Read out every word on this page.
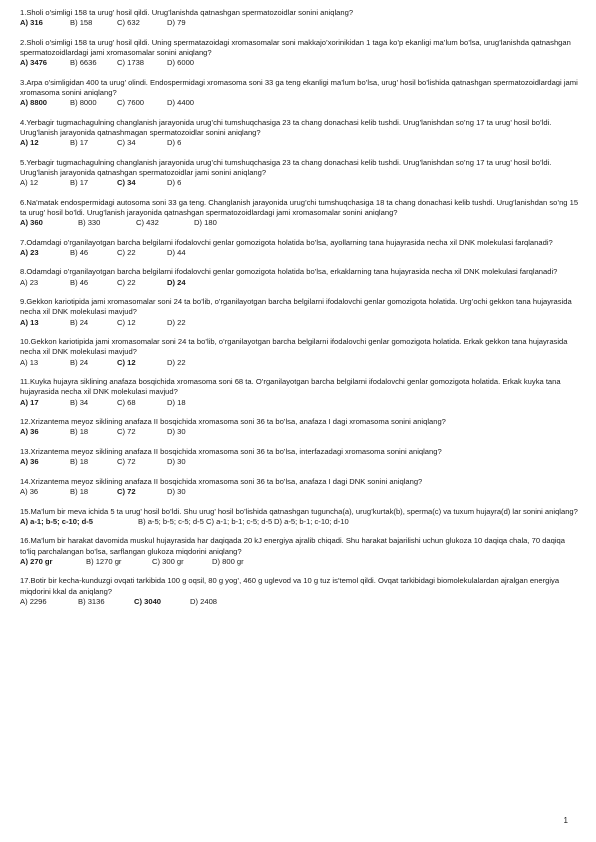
1.Sholi o’simligi 158 ta urug’ hosil qildi. Urug’lanishda qatnashgan spermatozoidlar sonini aniqlang?

A) 316	B) 158	C) 632	D) 79

2.Sholi o’simligi 158 ta urug’ hosil qildi. Uning spermatazoidagi xromasomalar soni makkajo’xorinikidan 1 taga ko’p ekanligi ma’lum bo’lsa, urug’lanishda qatnashgan spermatozoidlardagi jami xromasomalar sonini aniqlang?

A) 3476	B) 6636	C) 1738	D) 6000

3.Arpa o’simligidan 400 ta urug’ olindi. Endospermidagi xromasoma soni 33 ga teng ekanligi ma’lum bo’lsa, urug’ hosil bo’lishida qatnashgan spermatozoidlardagi jami xromasoma sonini aniqlang?

A) 8800	B) 8000	C) 7600	D) 4400

4.Yerbagir tugmachagulning changlanish jarayonida urug’chi tumshuqchasiga 23 ta chang donachasi kelib tushdi. Urug’lanishdan so’ng 17 ta urug’ hosil bo’ldi. Urug’lanish jarayonida qatnashmagan spermatozoidlar sonini aniqlang?

A) 12	B) 17	C) 34	D) 6

5.Yerbagir tugmachagulning changlanish jarayonida urug’chi tumshuqchasiga 23 ta chang donachasi kelib tushdi. Urug’lanishdan so’ng 17 ta urug’ hosil bo’ldi. Urug’lanish jarayonida qatnashgan spermatozoidlar jami sonini aniqlang?

A) 12	B) 17	C) 34	D) 6

6.Na’matak endospermidagi autosoma soni 33 ga teng. Changlanish jarayonida urug’chi tumshuqchasiga 18 ta chang donachasi kelib tushdi. Urug’lanishdan so’ng 15 ta urug’ hosil bo’ldi. Urug’lanish jarayonida qatnashgan spermatozoidlardagi jami xromasomalar sonini aniqlang?

A) 360	B) 330	C) 432	D) 180

7.Odamdagi o’rganilayotgan barcha belgilarni ifodalovchi genlar gomozigota holatida bo’lsa, ayollarning tana hujayrasida necha xil DNK molekulasi farqlanadi?

A) 23	B) 46	C) 22	D) 44

8.Odamdagi o’rganilayotgan barcha belgilarni ifodalovchi genlar gomozigota holatida bo’lsa, erkaklarning tana hujayrasida necha xil DNK molekulasi farqlanadi?

A) 23	B) 46	C) 22	D) 24

9.Gekkon kariotipida jami xromasomalar soni 24 ta bo’lib, o’rganilayotgan barcha belgilarni ifodalovchi genlar gomozigota holatida. Urg’ochi gekkon tana hujayrasida necha xil DNK molekulasi mavjud?

A) 13	B) 24	C) 12	D) 22

10.Gekkon kariotipida jami xromasomalar soni 24 ta bo’lib, o’rganilayotgan barcha belgilarni ifodalovchi genlar gomozigota holatida. Erkak gekkon tana hujayrasida necha xil DNK molekulasi mavjud?

A) 13	B) 24	C) 12	D) 22

11.Kuyka hujayra siklining anafaza bosqichida xromasoma soni 68 ta. O’rganilayotgan barcha belgilarni ifodalovchi genlar gomozigota holatida. Erkak kuyka tana hujayrasida necha xil DNK molekulasi mavjud?

A) 17	B) 34	C) 68	D) 18

12.Xrizantema meyoz siklining anafaza II bosqichida xromasoma soni 36 ta bo’lsa, anafaza I dagi xromasoma sonini aniqlang?

A) 36	B) 18	C) 72	D) 30

13.Xrizantema meyoz siklining anafaza II bosqichida xromasoma soni 36 ta bo’lsa, interfazadagi xromasoma sonini aniqlang?

A) 36	B) 18	C) 72	D) 30

14.Xrizantema meyoz siklining anafaza II bosqichida xromasoma soni 36 ta bo’lsa, anafaza I dagi DNK sonini aniqlang?

A) 36	B) 18	C) 72	D) 30

15.Ma’lum bir meva ichida 5 ta urug’ hosil bo’ldi. Shu urug’ hosil bo’lishida qatnashgan tuguncha(a), urug’kurtak(b), sperma(c) va tuxum hujayra(d) lar sonini aniqlang?

A) a-1; b-5; c-10; d-5	B) a-5; b-5; c-5; d-5 C) a-1; b-1; c-5; d-5 D) a-5; b-1; c-10; d-10

16.Ma’lum bir harakat davomida muskul hujayrasida har daqiqada 20 kJ energiya ajralib chiqadi. Shu harakat bajarilishi uchun glukoza 10 daqiqa chala, 70 daqiqa to’liq parchalangan bo’lsa, sarflangan glukoza miqdorini aniqlang?

A) 270 gr	B) 1270 gr	C) 300 gr	D) 800 gr

17.Botir bir kecha-kunduzgi ovqati tarkibida 100 g oqsil, 80 g yog’, 460 g uglevod va 10 g tuz is’temol qildi. Ovqat tarkibidagi biomolekulalardan ajralgan energiya miqdorini kkal da aniqlang?

A) 2296	B) 3136	C) 3040	D) 2408
1
